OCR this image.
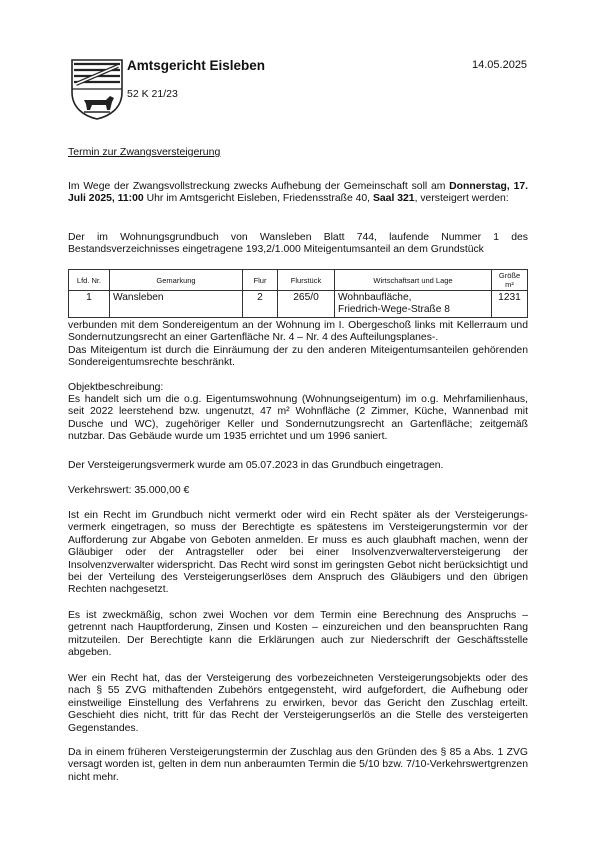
Amtsgericht Eisleben	14.05.2025
52 K 21/23
Termin zur Zwangsversteigerung
Im Wege der Zwangsvollstreckung zwecks Aufhebung der Gemeinschaft soll am Donnerstag, 17. Juli 2025, 11:00 Uhr im Amtsgericht Eisleben, Friedensstraße 40, Saal 321, versteigert werden:
Der im Wohnungsgrundbuch von Wansleben Blatt 744, laufende Nummer 1 des Bestandsverzeichnisses eingetragene 193,2/1.000 Miteigentumsanteil an dem Grundstück
Lfd. Nr.	Gemarkung	Flur	Flurstück	Wirtschaftsart und Lage	Größe m²
1	Wansleben	2	265/0	Wohnbaufläche,
Friedrich-Wege-Straße 8	1231
verbunden mit dem Sondereigentum an der Wohnung im I. Obergeschoß links mit Kellerraum und Sondernutzungsrecht an einer Gartenfläche Nr. 4 – Nr. 4 des Aufteilungsplanes-.
Das Miteigentum ist durch die Einräumung der zu den anderen Miteigentumsanteilen gehörenden Sondereigentumsrechte beschränkt.
Objektbeschreibung:
Es handelt sich um die o.g. Eigentumswohnung (Wohnungseigentum) im o.g. Mehrfamilienhaus, seit 2022 leerstehend bzw. ungenutzt, 47 m² Wohnfläche (2 Zimmer, Küche, Wannenbad mit Dusche und WC), zugehöriger Keller und Sondernutzungsrecht an Gartenfläche; zeitgemäß nutzbar. Das Gebäude wurde um 1935 errichtet und um 1996 saniert.
Der Versteigerungsvermerk wurde am 05.07.2023 in das Grundbuch eingetragen.
Verkehrswert: 35.000,00 €
Ist ein Recht im Grundbuch nicht vermerkt oder wird ein Recht später als der Versteigerungs-vermerk eingetragen, so muss der Berechtigte es spätestens im Versteigerungstermin vor der Aufforderung zur Abgabe von Geboten anmelden. Er muss es auch glaubhaft machen, wenn der Gläubiger oder der Antragsteller oder bei einer Insolvenzverwalterversteigerung der Insolvenzverwalter widerspricht. Das Recht wird sonst im geringsten Gebot nicht berücksichtigt und bei der Verteilung des Versteigerungserlöses dem Anspruch des Gläubigers und den übrigen Rechten nachgesetzt.
Es ist zweckmäßig, schon zwei Wochen vor dem Termin eine Berechnung des Anspruchs – getrennt nach Hauptforderung, Zinsen und Kosten – einzureichen und den beanspruchten Rang mitzuteilen. Der Berechtigte kann die Erklärungen auch zur Niederschrift der Geschäftsstelle abgeben.
Wer ein Recht hat, das der Versteigerung des vorbezeichneten Versteigerungsobjekts oder des nach § 55 ZVG mithaftenden Zubehörs entgegensteht, wird aufgefordert, die Aufhebung oder einstweilige Einstellung des Verfahrens zu erwirken, bevor das Gericht den Zuschlag erteilt. Geschieht dies nicht, tritt für das Recht der Versteigerungserlös an die Stelle des versteigerten Gegenstandes.
Da in einem früheren Versteigerungstermin der Zuschlag aus den Gründen des § 85 a Abs. 1 ZVG versagt worden ist, gelten in dem nun anberaumten Termin die 5/10 bzw. 7/10-Verkehrswertgrenzen nicht mehr.
